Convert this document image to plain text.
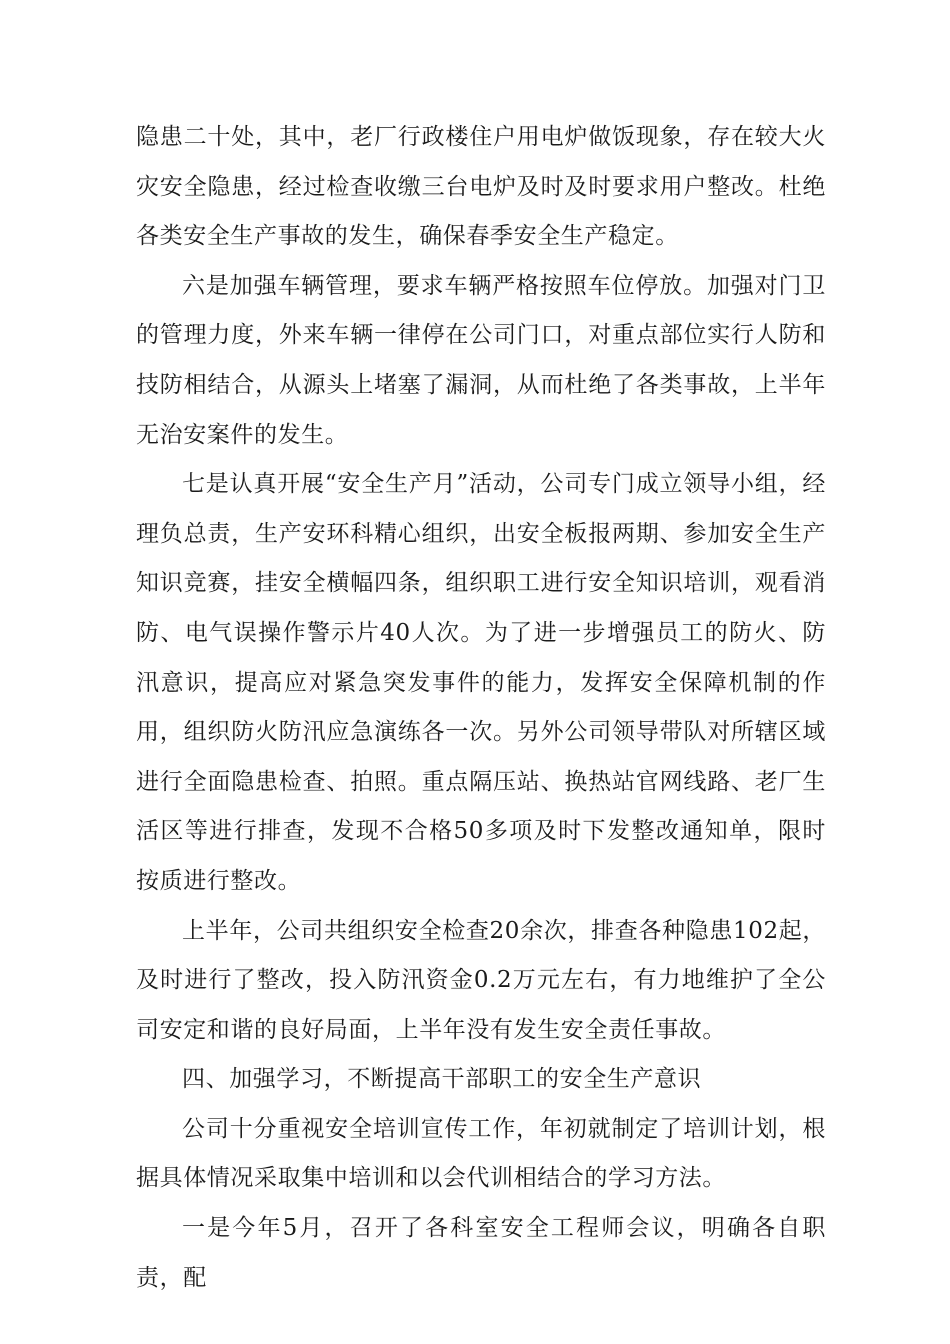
隐患二十处，其中，老厂行政楼住户用电炉做饭现象，存在较大火灾安全隐患，经过检查收缴三台电炉及时及时要求用户整改。杜绝各类安全生产事故的发生，确保春季安全生产稳定。

六是加强车辆管理，要求车辆严格按照车位停放。加强对门卫的管理力度，外来车辆一律停在公司门口，对重点部位实行人防和技防相结合，从源头上堵塞了漏洞，从而杜绝了各类事故，上半年无治安案件的发生。

七是认真开展“安全生产月”活动，公司专门成立领导小组，经理负总责，生产安环科精心组织，出安全板报两期、参加安全生产知识竞赛，挂安全横幅四条，组织职工进行安全知识培训，观看消防、电气误操作警示片40人次。为了进一步增强员工的防火、防汛意识，提高应对紧急突发事件的能力，发挥安全保障机制的作用，组织防火防汛应急演练各一次。另外公司领导带队对所辖区域进行全面隐患检查、拍照。重点隔压站、换热站官网线路、老厂生活区等进行排查，发现不合格50多项及时下发整改通知单，限时按质进行整改。

上半年，公司共组织安全检查20余次，排查各种隐患102起，及时进行了整改，投入防汛资金0.2万元左右，有力地维护了全公司安定和谐的良好局面，上半年没有发生安全责任事故。

四、加强学习，不断提高干部职工的安全生产意识

公司十分重视安全培训宣传工作，年初就制定了培训计划，根据具体情况采取集中培训和以会代训相结合的学习方法。

一是今年5月，召开了各科室安全工程师会议，明确各自职责，配
